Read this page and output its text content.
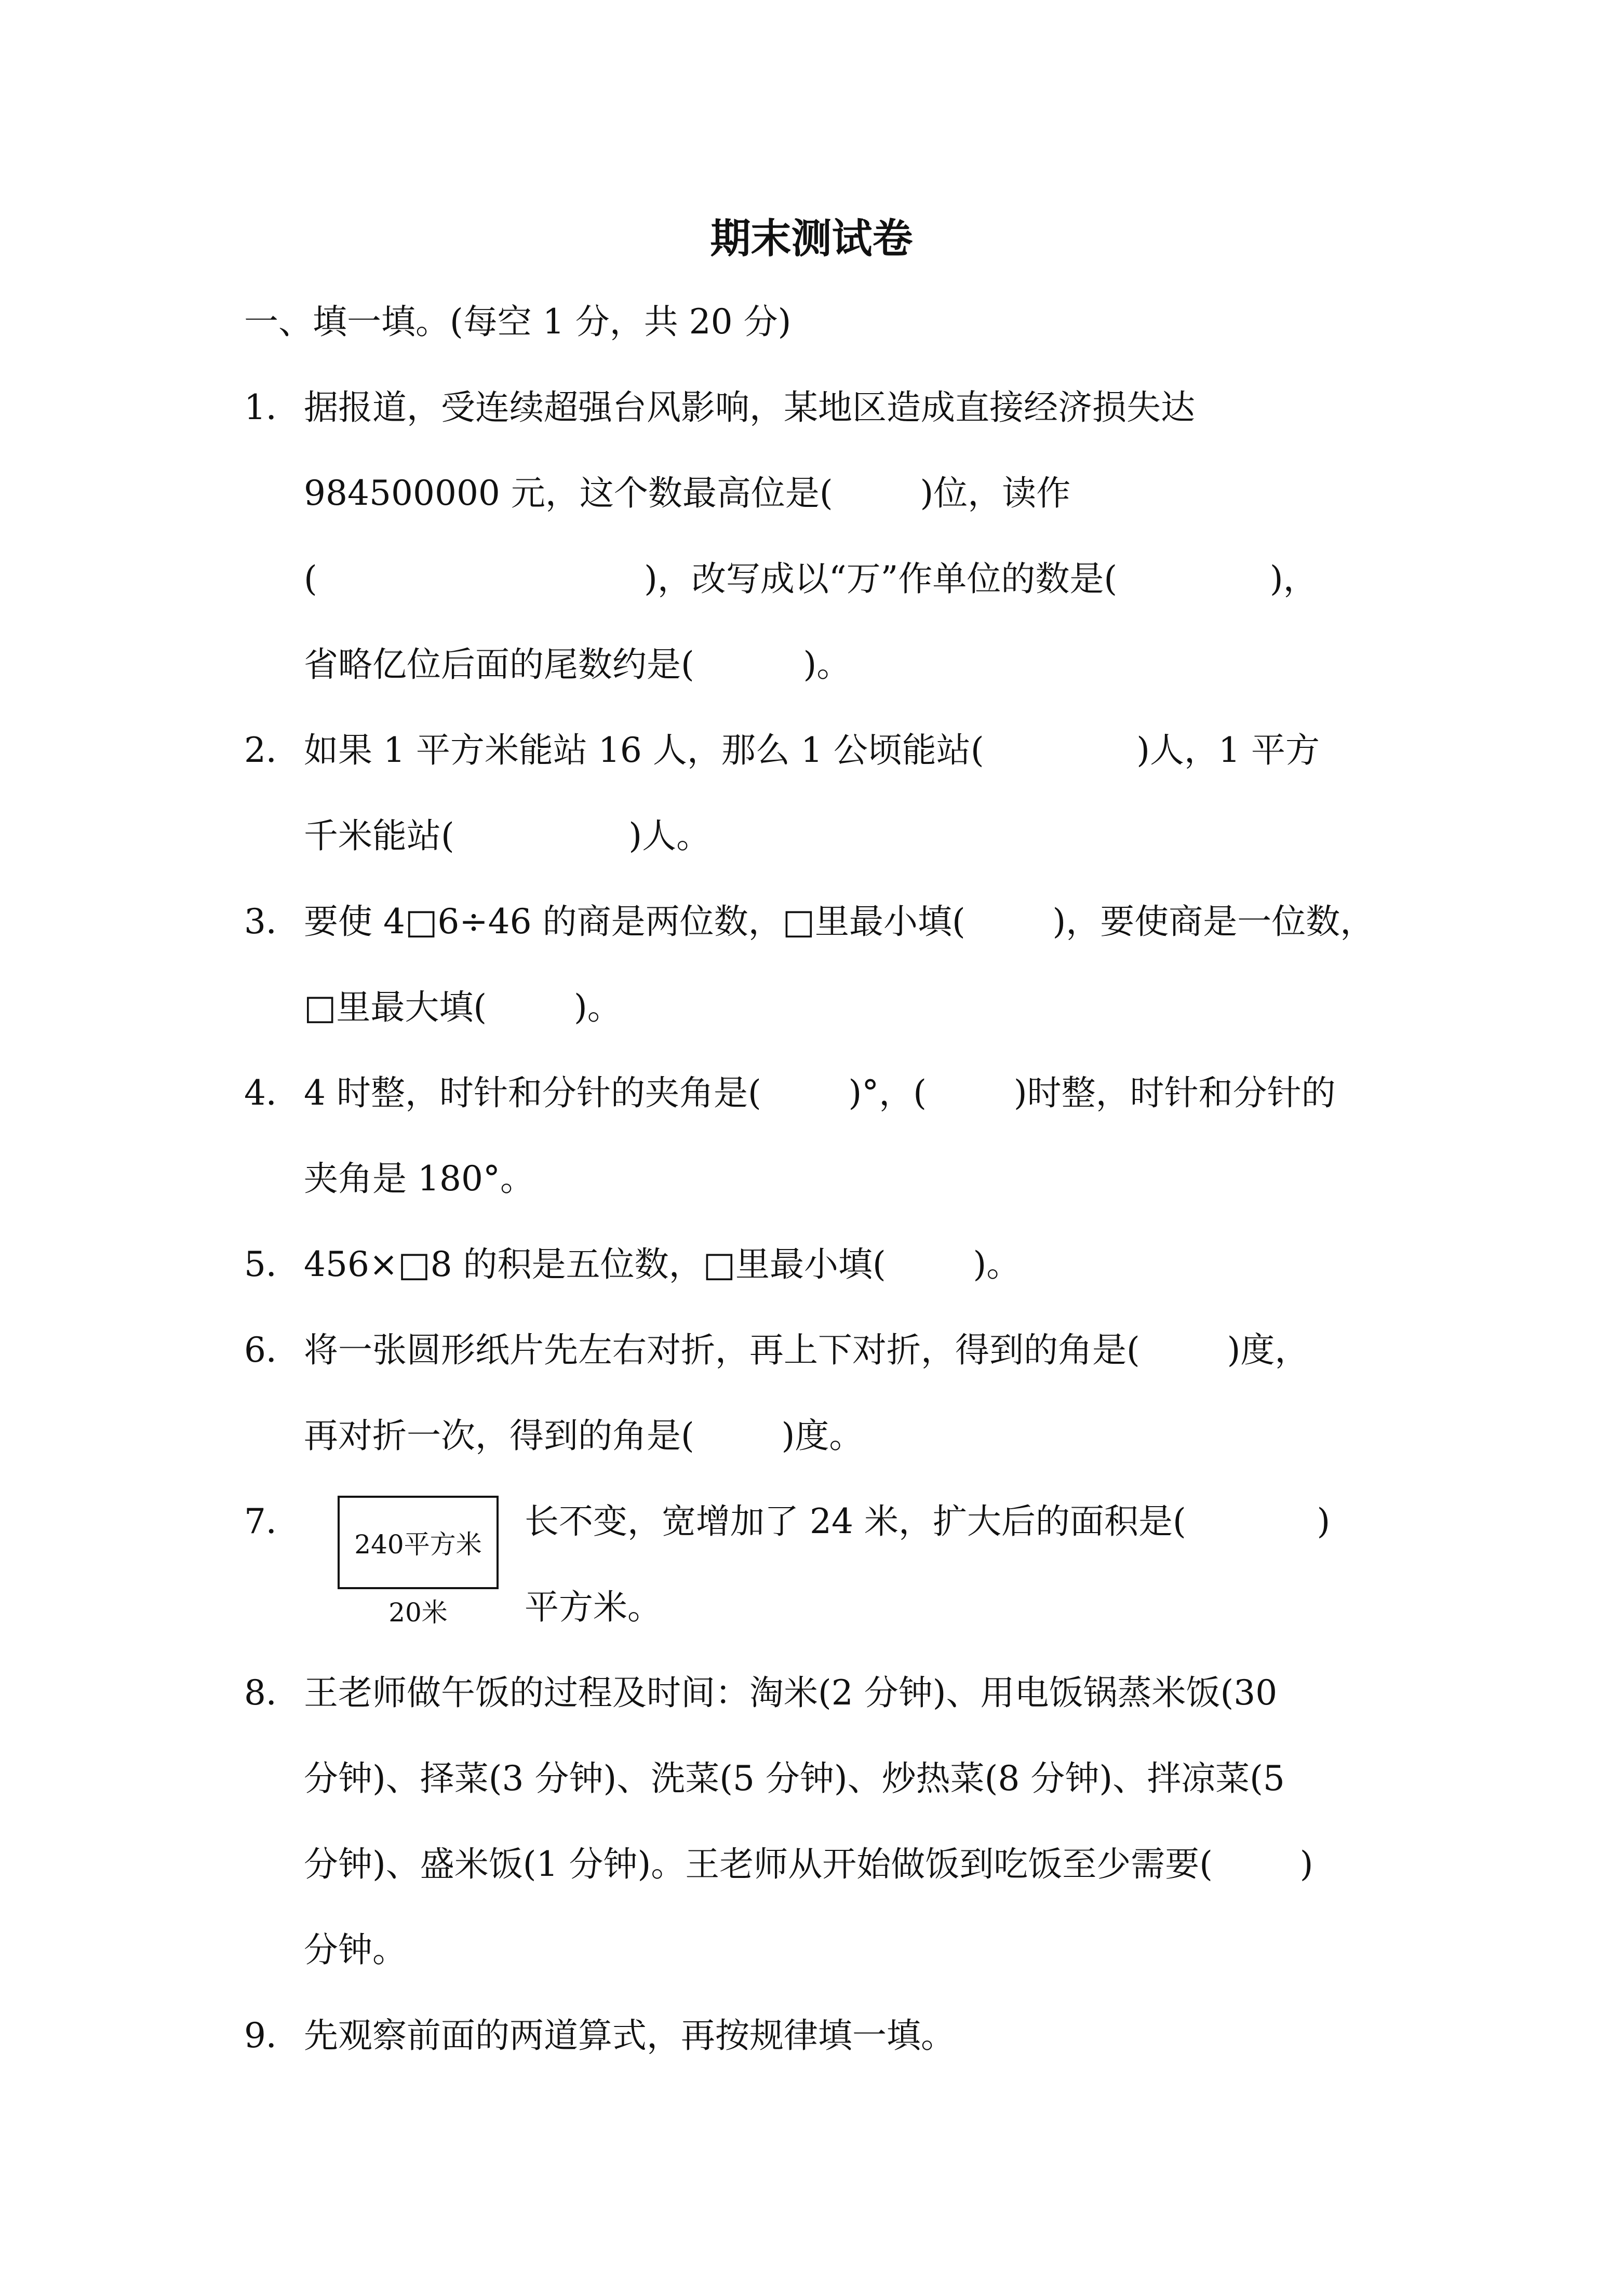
期末测试卷
一、填一填。(每空 1 分，共 20 分)
1． 据报道，受连续超强台风影响，某地区造成直接经济损失达
984500000 元，这个数最高位是(        )位，读作
(                              )，改写成以“万”作单位的数是(              )，
省略亿位后面的尾数约是(          )。
2． 如果 1 平方米能站 16 人，那么 1 公顷能站(              )人，1 平方
千米能站(                )人。
3． 要使 4□6÷46 的商是两位数，□里最小填(        )，要使商是一位数，
□里最大填(        )。
4． 4 时整，时针和分针的夹角是(        )°，(        )时整，时针和分针的
夹角是 180°。
5． 456×□8 的积是五位数，□里最小填(        )。
6． 将一张圆形纸片先左右对折，再上下对折，得到的角是(        )度，
再对折一次，得到的角是(        )度。
7．
240平方米
20米
长不变，宽增加了 24 米，扩大后的面积是(            )
平方米。
8． 王老师做午饭的过程及时间：淘米(2 分钟)、用电饭锅蒸米饭(30
分钟)、择菜(3 分钟)、洗菜(5 分钟)、炒热菜(8 分钟)、拌凉菜(5
分钟)、盛米饭(1 分钟)。王老师从开始做饭到吃饭至少需要(        )
分钟。
9． 先观察前面的两道算式，再按规律填一填。
